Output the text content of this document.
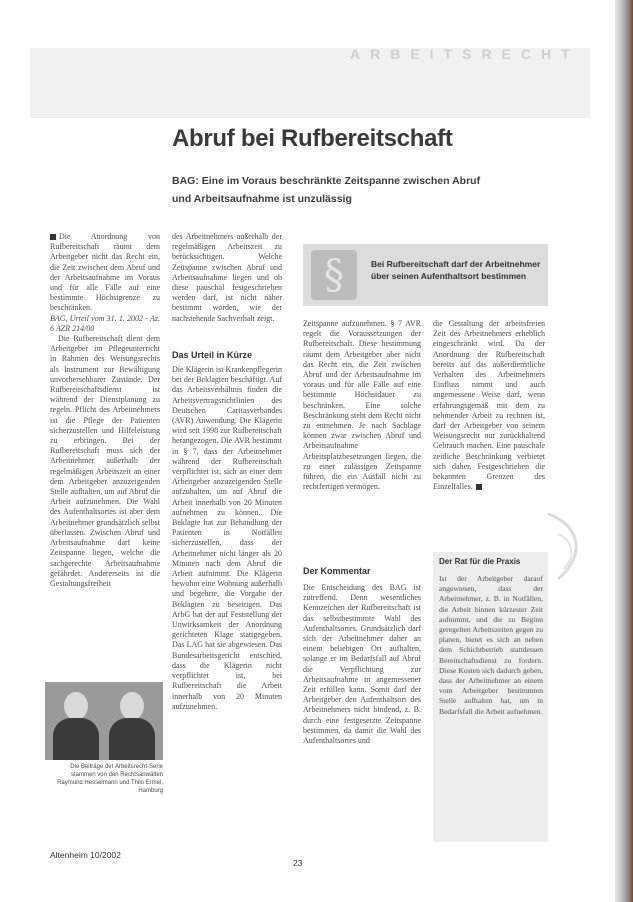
ARBEITSRECHT
Abruf bei Rufbereitschaft
BAG: Eine im Voraus beschränkte Zeitspanne zwischen Abruf und Arbeitsaufnahme ist unzulässig

Die Anordnung von Rufbereitschaft räumt dem Arbeitgeber nicht das Recht ein, die Zeit zwischen dem Abruf und der Arbeitsaufnahme im Voraus und für alle Fälle auf eine bestimmte Höchstgrenze zu beschränken.

BAG, Urteil vom 31. 1. 2002 - Az. 6 AZR 214/00

Die Rufbereitschaft dient dem Arbeitgeber im Pflegeunterricht in Rahmen des Weisungsrechts als Instrument zur Bewältigung unvorhersehbarer Zustände. Der Rufbereitschaftsdienst ist während der Dienstplanung zu regeln. Pflicht des Arbeitnehmers ist die Pflege der Patienten sicherzustellen und Hilfeleistung zu erbringen. Bei der Rufbereitschaft muss sich der Arbeitnehmer außerhalb der regelmäßigen Arbeitszeit an einer dem Arbeitgeber anzuzeigenden Stelle aufhalten, um auf Abruf die Arbeit aufzunehmen. Die Wahl des Aufenthaltsortes ist aber dem Arbeitnehmer grundsätzlich selbst überlassen. Zwischen Abruf und Arbeitsaufnahme darf keine Zeitspanne liegen, welche die sachgerechte Arbeitsaufnahme gefährdet. Andererseits ist die Gestaltungsfreiheit

des Arbeitnehmers außerhalb der regelmäßigen Arbeitszeit zu berücksichtigen. Welche Zeitspanne zwischen Abruf und Arbeitsaufnahme liegen und ob diese pauschal festgeschrieben werden darf, ist nicht näher bestimmt worden, wie der nachstehende Sachverhalt zeigt.

Das Urteil in Kürze

Die Klägerin ist Krankenpflegerin bei der Beklagten beschäftigt. Auf das Arbeitsverhältnis finden die Arbeitsvertragsrichtlinien des Deutschen Caritasverbandes (AVR) Anwendung. Die Klägerin wird seit 1998 zur Rufbereitschaft herangezogen. Die AVR bestimmt in § 7, dass der Arbeitnehmer während der Rufbereitschaft verpflichtet ist, sich an einer dem Arbeitgeber anzuzeigenden Stelle aufzuhalten, um auf Abruf die Arbeit innerhalb von 20 Minuten aufnehmen zu können. Die Beklagte hat zur Behandlung der Patienten in Notfällen sicherzustellen, dass der Arbeitnehmer nicht länger als 20 Minuten nach dem Abruf die Arbeit aufnimmt. Die Klägerin bewohnt eine Wohnung außerhalb und begehrte, die Vorgabe der Beklagten zu beseitigen. Das ArbG hat der auf Feststellung der Unwirksamkeit der Anordnung gerichteten Klage stattgegeben. Das LAG hat sie abgewiesen. Das Bundesarbeitsgericht entschied, dass die Klägerin nicht verpflichtet ist, bei Rufbereitschaft die Arbeit innerhalb von 20 Minuten aufzunehmen.

§	Bei Rufbereitschaft darf der Arbeitnehmer über seinen Aufenthaltsort bestimmen

Zeitspanne aufzunehmen. § 7 AVR regelt die Voraussetzungen der Rufbereitschaft. Diese bestimmung räumt dem Arbeitgeber aber nicht das Recht ein, die Zeit zwischen Abruf und der Arbeitsaufnahme im voraus und für alle Fälle auf eine bestimmte Höchstdauer zu beschränken. Eine solche Beschränkung steht dem Recht nicht zu entnehmen. Je nach Sachlage können zwar zwischen Abruf und Arbeitsaufnahme Arbeitsplatzbesetzungen liegen, die zu einer zulässigen Zeitspanne führen, die ein Ausfall nicht zu rechtfertigen vermögen.

Der Kommentar

Die Entscheidung des BAG ist zutreffend. Denn wesentliches Kennzeichen der Rufbereitschaft ist das selbstbestimmte Wahl des Aufenthaltsortes. Grundsätzlich darf sich der Arbeitnehmer daher an einem beliebigen Ort aufhalten, solange er im Bedarfsfall auf Abruf die Verpflichtung zur Arbeitsaufnahme in angemessener Zeit erfüllen kann. Somit darf der Arbeitgeber den Aufenthaltsort des Arbeitnehmers nicht bindend, z. B. durch eine festgesetzte Zeitspanne bestimmen, da damit die Wahl des Aufenthaltsortes und

die Gestaltung der arbeitsfreien Zeit des Arbeitnehmers erheblich eingeschränkt wird. Da der Anordnung der Rufbereitschaft bereits auf das außerdienstliche Verhalten des Arbeitnehmers Einfluss nimmt und auch angemessene Weise darf, wenn erfahrungsgemäß mit dem zu nehmender Arbeit zu rechnen ist, darf der Arbeitgeber von seinem Weisungsrecht nur zurückhaltend Gebrauch machen. Eine pauschale zeitliche Beschränkung verbietet sich daher. Festgeschrieben die bekannten Grenzen des Einzelfalles.

Der Rat für die Praxis
Ist der Arbeitgeber darauf angewiesen, dass der Arbeitnehmer, z. B. in Notfällen, die Arbeit binnen kürzester Zeit aufnimmt, und die zu Beginn geregelten Arbeitszeiten gegen zu planen, bietet es sich an neben dem Schichtbetrieb stattdessen Bereitschaftsdienst zu fordern. Diese Kosten sich dadurch geben, dass der Arbeitnehmer an einem vom Arbeitgeber bestimmten Stelle aufhalten hat, um in Bedarfsfall die Arbeit aufnehmen.
Die Beiträge der Arbeitsrecht-Serie stammen von den Rechtsanwälten Raymund Hesselmann und Thilo Ermel, Hamburg
Altenheim 10/2002
23
